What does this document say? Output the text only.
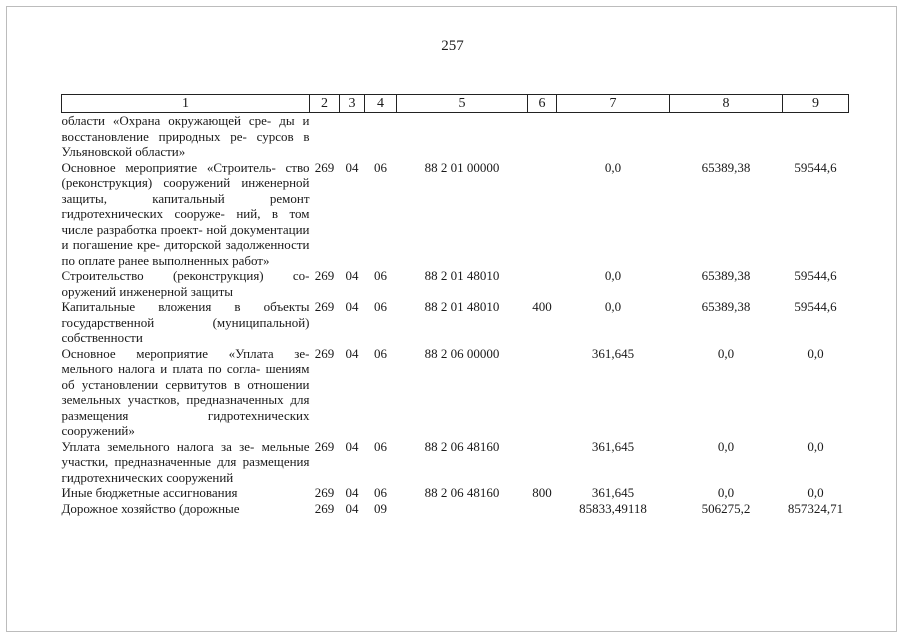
257
1	2	3	4	5	6	7	8	9
области «Охрана окружающей сре- ды и восстановление природных ре- сурсов в Ульяновской области»								
Основное мероприятие «Строитель- ство (реконструкция) сооружений инженерной защиты, капитальный ремонт гидротехнических сооруже- ний, в том числе разработка проект- ной документации и погашение кре- диторской задолженности по оплате ранее выполненных работ»	269	04	06	88 2 01 00000		0,0	65389,38	59544,6
Строительство (реконструкция) со- оружений инженерной защиты	269	04	06	88 2 01 48010		0,0	65389,38	59544,6
Капитальные вложения в объекты государственной (муниципальной) собственности	269	04	06	88 2 01 48010	400	0,0	65389,38	59544,6
Основное мероприятие «Уплата зе- мельного налога и плата по согла- шениям об установлении сервитутов в отношении земельных участков, предназначенных для размещения гидротехнических сооружений»	269	04	06	88 2 06 00000		361,645	0,0	0,0
Уплата земельного налога за зе- мельные участки, предназначенные для размещения гидротехнических сооружений	269	04	06	88 2 06 48160		361,645	0,0	0,0
Иные бюджетные ассигнования	269	04	06	88 2 06 48160	800	361,645	0,0	0,0
Дорожное хозяйство (дорожные	269	04	09			85833,49118	506275,2	857324,71
